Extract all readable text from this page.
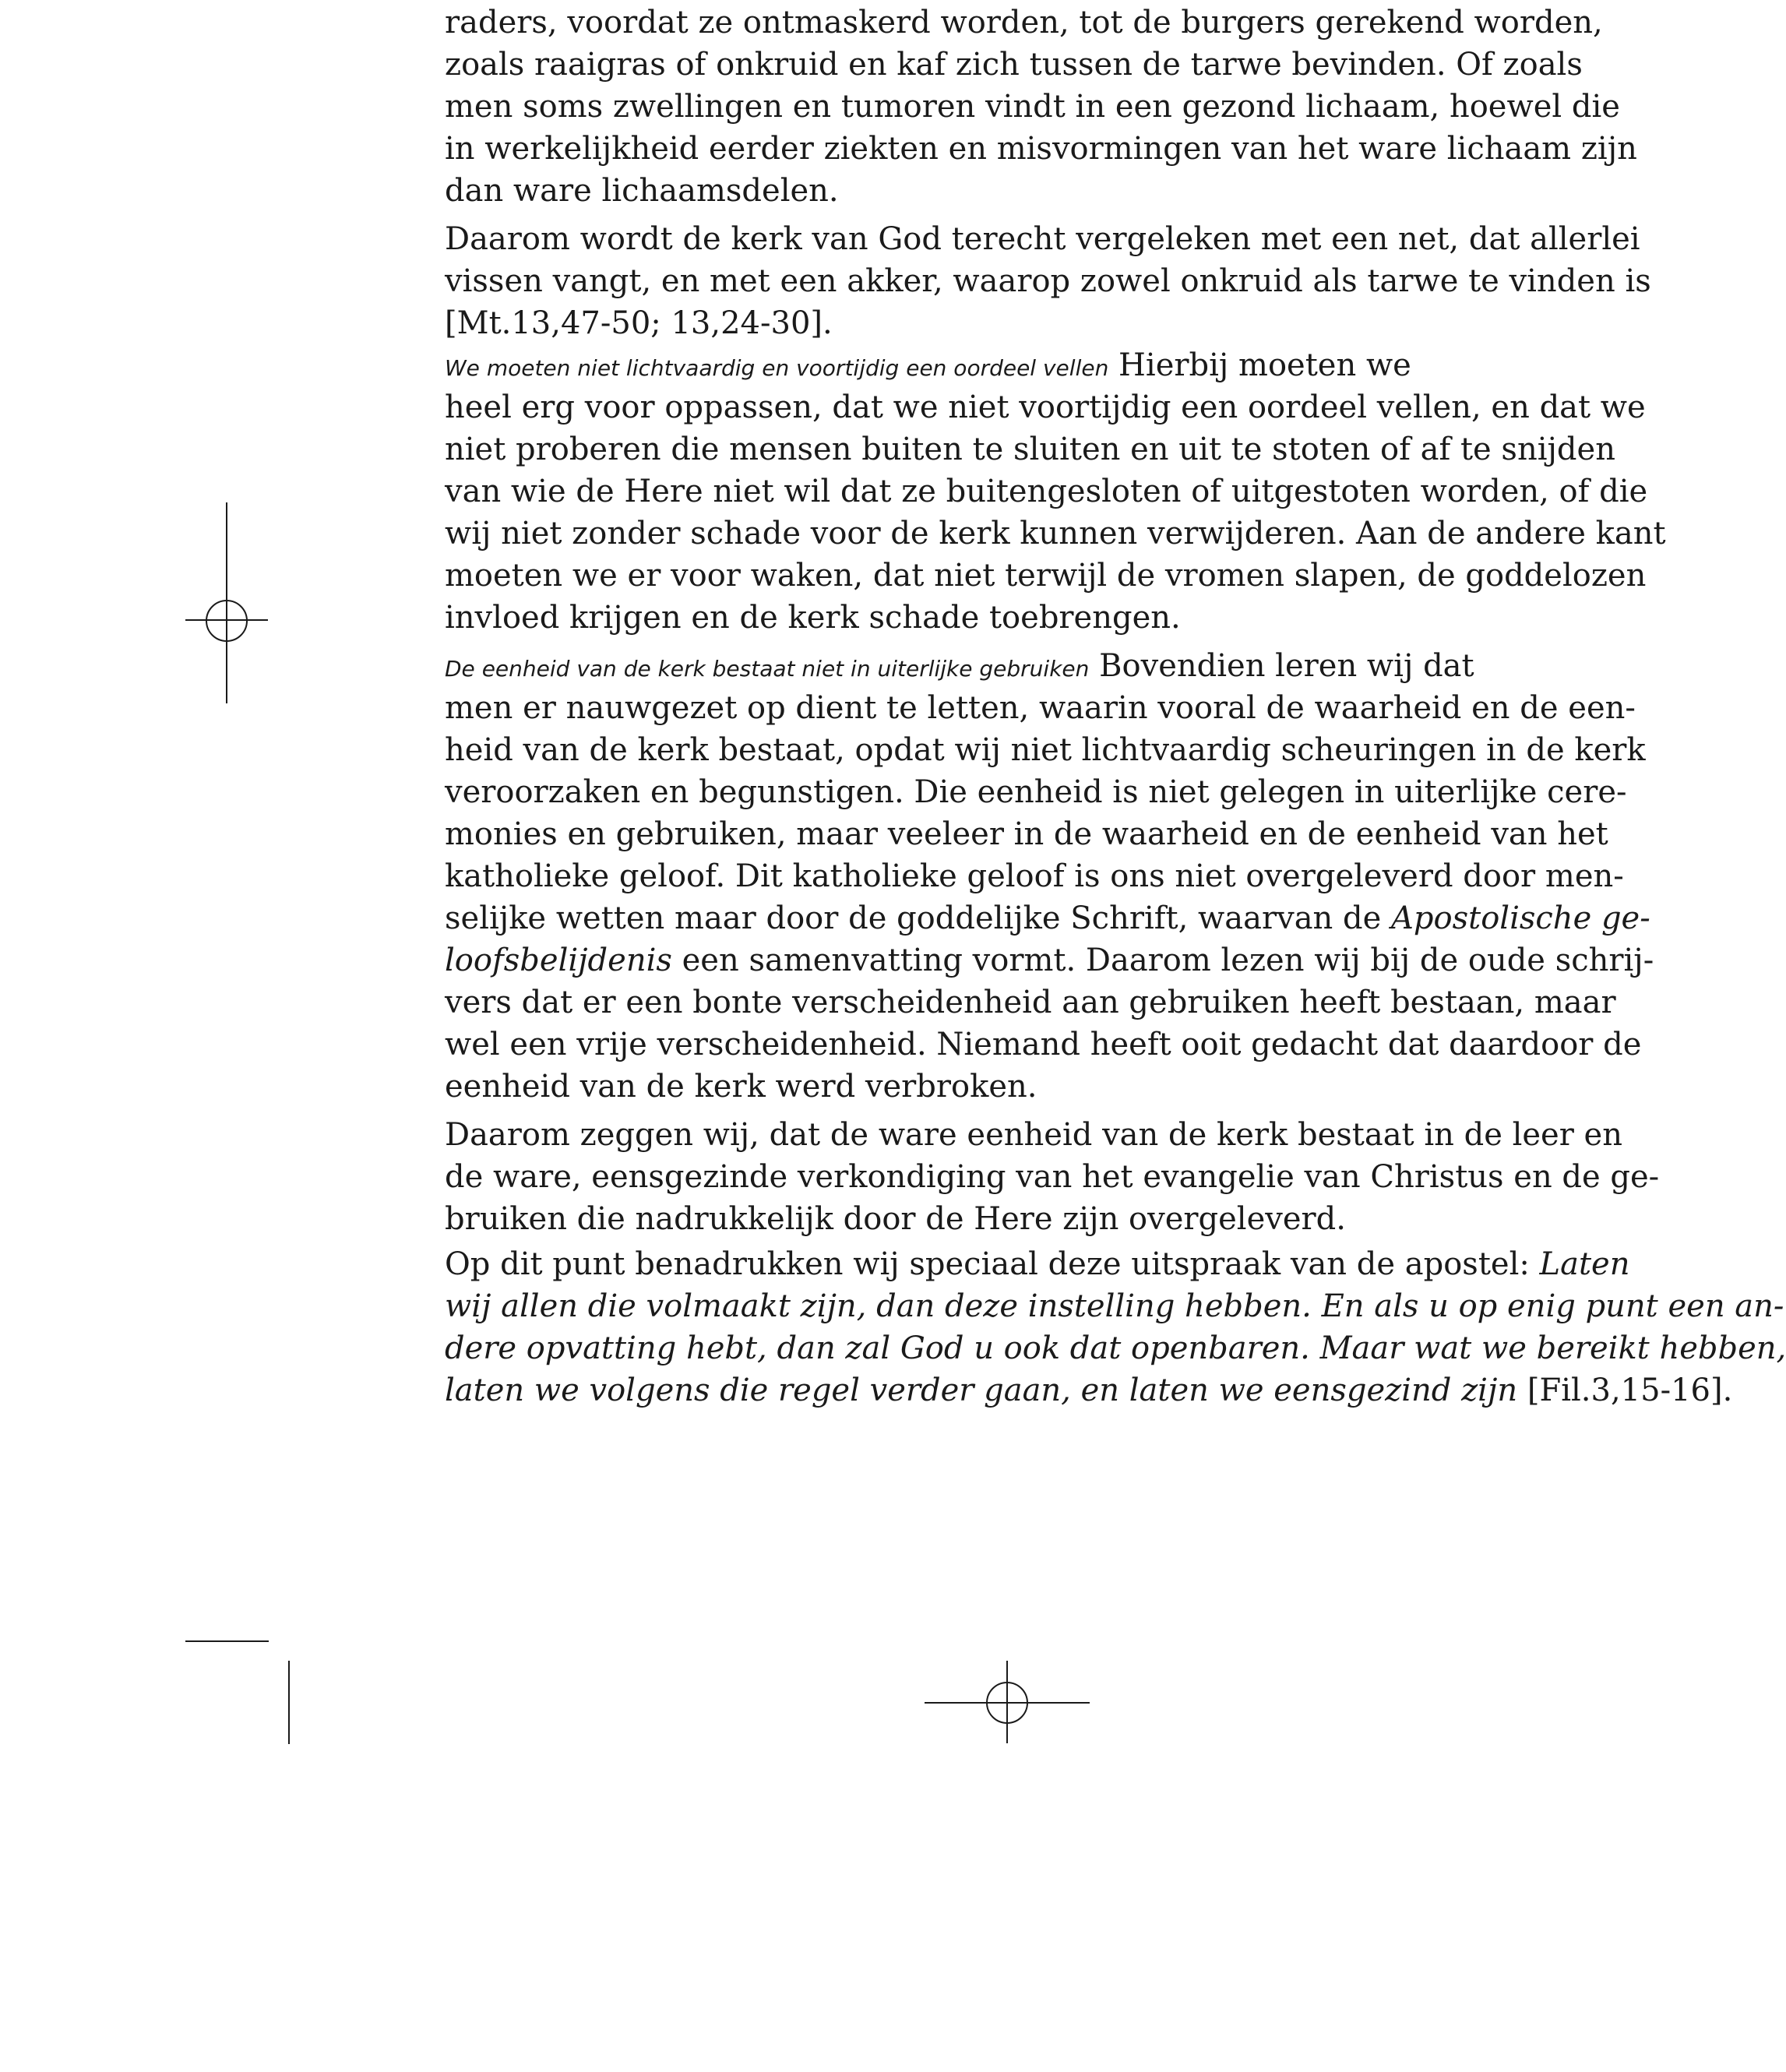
raders, voordat ze ontmaskerd worden, tot de burgers gerekend worden,
zoals raaigras of onkruid en kaf zich tussen de tarwe bevinden. Of zoals
men soms zwellingen en tumoren vindt in een gezond lichaam, hoewel die
in werkelijkheid eerder ziekten en misvormingen van het ware lichaam zijn
dan ware lichaamsdelen.
Daarom wordt de kerk van God terecht vergeleken met een net, dat allerlei
vissen vangt, en met een akker, waarop zowel onkruid als tarwe te vinden is
[Mt.13,47-50; 13,24-30].
We moeten niet lichtvaardig en voortijdig een oordeel vellen Hierbij moeten we
heel erg voor oppassen, dat we niet voortijdig een oordeel vellen, en dat we
niet proberen die mensen buiten te sluiten en uit te stoten of af te snijden
van wie de Here niet wil dat ze buitengesloten of uitgestoten worden, of die
wij niet zonder schade voor de kerk kunnen verwijderen. Aan de andere kant
moeten we er voor waken, dat niet terwijl de vromen slapen, de goddelozen
invloed krijgen en de kerk schade toebrengen.
De eenheid van de kerk bestaat niet in uiterlijke gebruiken Bovendien leren wij dat
men er nauwgezet op dient te letten, waarin vooral de waarheid en de een-
heid van de kerk bestaat, opdat wij niet lichtvaardig scheuringen in de kerk
veroorzaken en begunstigen. Die eenheid is niet gelegen in uiterlijke cere-
monies en gebruiken, maar veeleer in de waarheid en de eenheid van het
katholieke geloof. Dit katholieke geloof is ons niet overgeleverd door men-
selijke wetten maar door de goddelijke Schrift, waarvan de Apostolische ge-
loofsbelijdenis een samenvatting vormt. Daarom lezen wij bij de oude schrij-
vers dat er een bonte verscheidenheid aan gebruiken heeft bestaan, maar
wel een vrije verscheidenheid. Niemand heeft ooit gedacht dat daardoor de
eenheid van de kerk werd verbroken.
Daarom zeggen wij, dat de ware eenheid van de kerk bestaat in de leer en
de ware, eensgezinde verkondiging van het evangelie van Christus en de ge-
bruiken die nadrukkelijk door de Here zijn overgeleverd.
Op dit punt benadrukken wij speciaal deze uitspraak van de apostel: Laten
wij allen die volmaakt zijn, dan deze instelling hebben. En als u op enig punt een an-
dere opvatting hebt, dan zal God u ook dat openbaren. Maar wat we bereikt hebben,
laten we volgens die regel verder gaan, en laten we eensgezind zijn [Fil.3,15-16].
